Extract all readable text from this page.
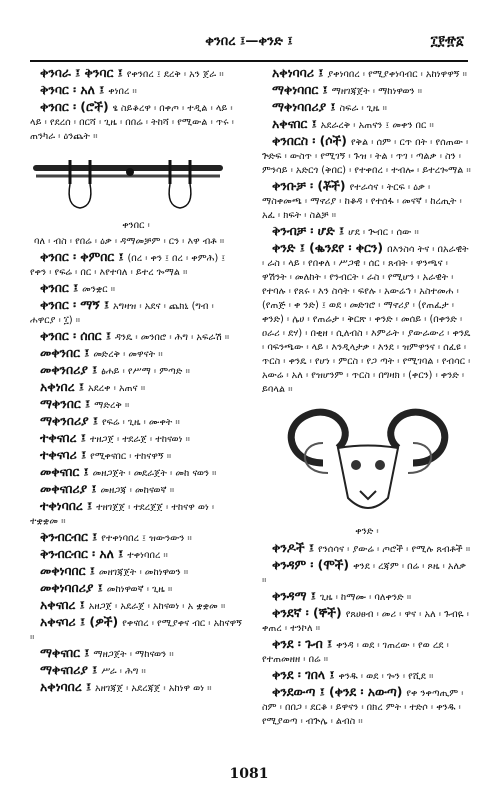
ቀንበረ ፤—ቀንድ ፤	፲፻፹፩
ቀንባራ ፤ ቅንባር ፤ የቀንበረ ፤ ደረቅ ፡ አን ጀራ ።
ቅንባር ፡ አለ ፤ ቀነበረ ።
ቀንበር ፡ (ሮች) ፄ ስይቆረዋ ፡ በቀጦ ፡ ተዲል ፡ ላይ ፡ ላይ ፡ የደረሰ ፡ በርሻ ፡ ጊዜ ፡ በበሬ ፡ ትከሻ ፡ የሚውል ፡ ጥሩ ፡ ጠንካራ ፡ ዕንጨት ።
ቀንበር ፡
ባለ ፡ ብስ ፡ የበሬ ፡ ዕቃ ፡ ዳማመቻም ፡ ርን ፡ እዋ ብቶ ።
ቀንበር ፡ ቀምበር ፤ (በረ ፡ ቀን ፤ በረ ፡ ቀምሕ) ፤ የቀን ፡ የፍሬ ፡ በር ፡ እየተባለ ፡ ይተረ ጐማል ።
ቀንበር ፤ መንቋር ።
ቀንበር ፡ ማኝ ፤ አግዛዝ ፡ አደና ፡ ጨክኒ (ግብ ፡ ሐዋርያ ፡ ፲) ።
ቀንበር ፡ ሰበር ፤ ዳንዴ ፡ መንበሮ ፡ ሕግ ፡ አፍራሽ ።
መቀንበር ፤ መድረቅ ፡ መዋናት ።
መቀንበሪያ ፤ ፅሐይ ፡ የሥማ ፡ ምጣድ ።
አቀነበረ ፤ አደረቀ ፡ አጠና ።
ማቀንበር ፤ ማድረቅ ።
ማቀንበሪያ ፤ የፍሬ ፡ ጊዜ ፡ ሙቀት ።
ተቀናበረ ፤ ተዘጋጀ ፡ ተደራጀ ፡ ተከናወነ ።
ተቀናባሪ ፤ የሚቀናበር ፡ ተከናዋኝ ።
መቀናበር ፤ መዘጋጀት ፡ መደራጀት ፡ መከ ናወን ።
መቀናበሪያ ፤ መዘጋጃ ፡ መከናወኛ ።
ተቀነባበረ ፤ ተዘገጀጀ ፡ ተደረጀጀ ፡ ተከናዋ ወነ ፡ ተቋቋመ ።
ቅንብርብር ፤ የተቀነባበረ ፤ ዝውንውን ።
ቅንብርብር ፡ አለ ፤ ተቀነባበረ ።
መቀነባበር ፤ መዘገጃጀት ፡ መከነዋወን ።
መቀነባበሪያ ፤ መከነዋወኛ ፡ ጊዜ ።
አቀናበረ ፤ አዘጋጀ ፡ አደራጀ ፡ አከናወነ ፡ አ ቋቋመ ።
አቀናባሪ ፤ (ዎች) የቀናበረ ፡ የሚያቀና ብር ፡ አከናዋኝ ።
ማቀናበር ፤ ማዘጋጀት ፡ ማከናወን ።
ማቀናበሪያ ፤ ሥራ ፡ ሕግ ።
አቀነባበረ ፤ አዘገጃጀ ፡ አደረጃጀ ፡ አከነዋ ወነ ።
አቀነባባሪ ፤ ያቀነባበረ ፡ የሚያቀነባብር ፡ አከነዋዋኝ ።
ማቀነባበር ፤ ማዘገጃጀት ፡ ማከነዋወን ።
ማቀነባበሪያ ፤ ስፍራ ፡ ጊዜ ።
አቀናበር ፤ አደራረቅ ፡ አጠናን ፤ መቀን በር ።
ቀንበርስ ፡ (ሶች) የቅል ፡ ሰም ፡ ርጥ በት ፡ የሰጠው ፡ ጕድፍ ፡ ውስጥ ፡ የሚገኝ ፡ ጉዝ ፡ ትል ፡ ጥገ ፡ ጣልቃ ፡ ስን ፡ ምንሳይ ፡ አድርጎ (ቅበር) ፡ የተቀበረ ፡ ተብሎ ፡ ይተረጐማል ።
ቀንቡቻ ፡ (ቾች) የተራሳና ፡ ትርፍ ፡ ዕቃ ፡ ማስቀመጫ ፡ ማኖሪያ ፡ ከቆዳ ፡ የተሰፋ ፡ መናኛ ፡ ከረጢት ፡ አፈ ፡ ክፍት ፡ ስልቻ ።
ቅንብቻ ፡ ሆድ ፤ ሆደ ፡ ጕብር ፡ ሰው ።
ቀንድ ፤ (ቈንደየ ፡ ቀርን) በእንስሳ ትና ፡ በአራዊት ፡ ራስ ፡ ላይ ፡ የበቀለ ፡ ሥጋዊ ፡ ሰር ፡ ጸብት ፡ ዋንጫና ፡ ዋሽንት ፡ መለከት ፡ የንብርት ፡ ራስ ፡ የሚሆን ፡ አራዊት ፡ የተባሉ ፡ የጸሩ ፡ እን ስሳት ፡ ፍየሉ ፡ አውሬኅ ፡ አስተመሐ ፡ (የጠጅ ፡ ቀ ንድ) ፤ ወደ ፡ መድገሮ ፡ ማኖሪያ ፡ (የጠፈታ ፡ ቀንድ) ፡ ሌሀ ፡ የጠሬታ ፡ ቅርጽ ፡ ቀንድ ፡ መሰይ ፡ (በቀንድ ፡ ዐራሪ ፡ ደሃ) ፡ በቂዘ ፡ ሲለብስ ፡ እምራት ፡ ያውራውሪ ፡ ቀንዴ ፡ ባፍንጫው ፡ ላይ ፡ እንዲላታቃ ፡ እንደ ፡ ዝምዋንና ፡ ሰፈዩ ፡ ጥርስ ፡ ቀንዴ ፡ የሆነ ፡ ምርስ ፡ የጋ ጣት ፡ የሚገባል ፡ የብሳር ፡ አውሬ ፡ አለ ፡ የዝሆንም ፡ ጥርስ ፡ በግዛክ ፡ (ቀርን) ፡ ቀንድ ፡ ይባላል ።
ቀንድ ፡
ቀንዶች ፤ የንሰሳና ፡ ያውሬ ፡ ጦሮች ፡ የሚሉ ጸብቶች ።
ቀንዳም ፡ (ሞች) ቀንደ ፡ ረጃም ፡ በሬ ፡ ጾዜ ፡ አለቃ ።
ቀንዳማ ፤ ጊዜ ፡ ከማሙ ፡ ባለቀንድ ።
ቀንደኛ ፡ (ኞች) የጸሀፀብ ፡ መሪ ፡ ዋና ፡ አለ ፡ ጉብዬ ፡ ቀጠረ ፡ ተንኮለ ።
ቀንደ ፡ ጉብ ፤ ቀንዳ ፡ ወደ ፡ ገጠረው ፡ የወ ረደ ፡ የተጠመዘዘ ፡ በሬ ።
ቀንደ ፡ ገበላ ፤ ቀንዱ ፡ ወደ ፡ ጐን ፡ የሺደ ።
ቀንደውጣ ፤ (ቀንደ ፡ አውጣ) የቀ ንቀጣጢም ፡ ስም ፡ በበጋ ፡ ደርቆ ፡ ይዋናን ፡ በክረ ምት ፡ ተድሶ ፡ ቀንዱ ፡ የሚያወጣ ፡ ብጕሌ ፡ ልብስ ።
1081
